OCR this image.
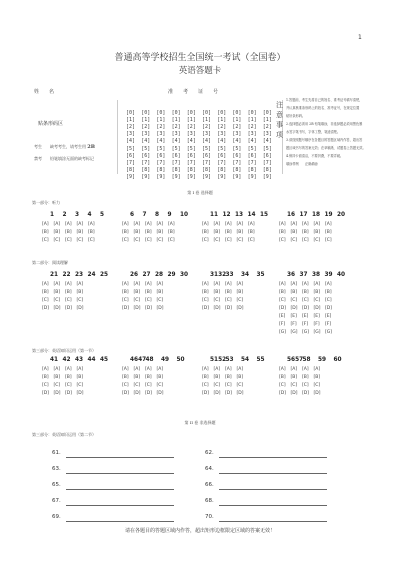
1
普通高等学校招生全国统一考试（全国卷）
英语答题卡
姓　　名	准　　考　　证　　号
贴条形码区
考生　　缺考考生，请考生用 2B
禁考　　铅笔填涂无面的缺考标记
[0]
[1]
[2]
[3]
[4]
[5]
[6]
[7]
[8]
[9]
[0]
[1]
[2]
[3]
[4]
[5]
[6]
[7]
[8]
[9]
[0]
[1]
[2]
[3]
[4]
[5]
[6]
[7]
[8]
[9]
[0]
[1]
[2]
[3]
[4]
[5]
[6]
[7]
[8]
[9]
[0]
[1]
[2]
[3]
[4]
[5]
[6]
[7]
[8]
[9]
[0]
[1]
[2]
[3]
[4]
[5]
[6]
[7]
[8]
[9]
[0]
[1]
[2]
[3]
[4]
[5]
[6]
[7]
[8]
[9]
[0]
[1]
[2]
[3]
[4]
[5]
[6]
[7]
[8]
[9]
[0]
[1]
[2]
[3]
[4]
[5]
[6]
[7]
[8]
[9]
[0]
[1]
[2]
[3]
[4]
[5]
[6]
[7]
[8]
[9]
注
意
事
项
1.答题前，考生先将自己的姓名、准考证号填写清楚，
并认真核准条形码上的姓名、准考证号，在规定位置
贴好条形码。
2.选择题必须用 2B 铅笔填涂，非选择题必须用黑色墨
水签字笔书写，字体工整，笔迹清楚。
3.请按照题号顺序在各题目的答题区域内作答，超出答
题区域书写的答案无效；在草稿纸、试题卷上答题无效。
4.保持卡面清洁，不要折叠，不要弄破。
填涂样例　　正确填涂
第 I 卷 选择题
第一部分：听力
第二部分：阅读理解
第三部分：英语知识运用（第一节）
1 2 3 4 5
[A] [A] [A] [A] [A]
[B] [B] [B] [B] [B]
[C] [C] [C] [C] [C]
6 7 8 9 10
[A] [A] [A] [A] [A]
[B] [B] [B] [B] [B]
[C] [C] [C] [C] [C]
11 12 13 14 15
[A] [A] [A] [A] [A]
[B] [B] [B] [B] [B]
[C] [C] [C] [C] [C]
16 17 18 19 20
[A] [A] [A] [A] [A]
[B] [B] [B] [B] [B]
[C] [C] [C] [C] [C]
21 22 23 24 25
[A] [A] [A] [A]
[B] [B] [B] [B]
[C] [C] [C] [C]
[D] [D] [D] [D]
26 27 28 29 30
[A] [A] [A] [A]
[B] [B] [B] [B]
[C] [C] [C] [C]
[D] [D] [D] [D]
3132 33 34 35
[A] [A] [A] [A]
[B] [B] [B] [B]
[C] [C] [C] [C]
[D] [D] [D] [D]
36 37 38 39 40
[A] [A] [A] [A] [A]
[B] [B] [B] [B] [B]
[C] [C] [C] [C] [C]
[D] [D] [D] [D] [D]
[E] [E] [E] [E] [E]
[F] [F] [F] [F] [F]
[G] [G] [G] [G] [G]
41 42 43 44 45
[A] [A] [A] [A]
[B] [B] [B] [B]
[C] [C] [C] [C]
[D] [D] [D] [D]
4647 48 49 50
[A] [A] [A] [A]
[B] [B] [B] [B]
[C] [C] [C] [C]
[D] [D] [D] [D]
5152 53 54 55
[A] [A] [A] [A]
[B] [B] [B] [B]
[C] [C] [C] [C]
[D] [D] [D] [D]
5657 58 59 60
[A] [A] [A] [A]
[B] [B] [B] [B]
[C] [C] [C] [C]
[D] [D] [D] [D]
第 II 卷 非选择题
第三部分：英语知识运用（第二节）
61.
63.
65.
67.
69.
62.
64.
66.
68.
70.
请在各题目的答题区域内作答，超出矩形边框限定区域的答案无效！
